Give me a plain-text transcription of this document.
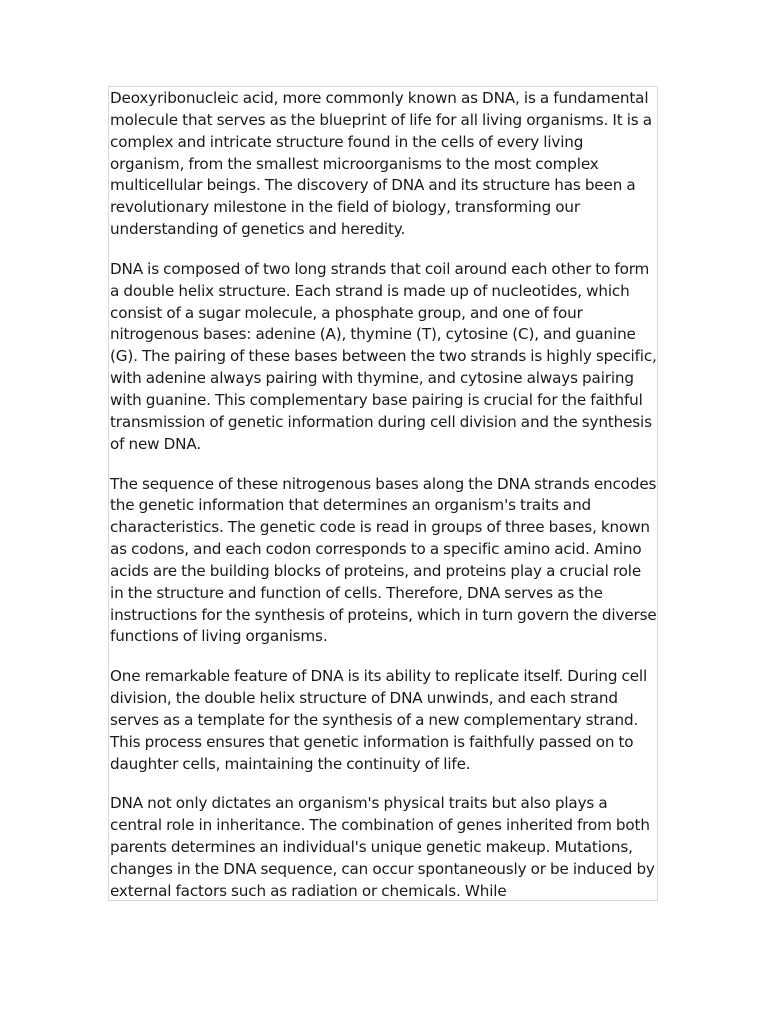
Deoxyribonucleic acid, more commonly known as DNA, is a fundamental molecule that serves as the blueprint of life for all living organisms. It is a complex and intricate structure found in the cells of every living organism, from the smallest microorganisms to the most complex multicellular beings. The discovery of DNA and its structure has been a revolutionary milestone in the field of biology, transforming our understanding of genetics and heredity.

DNA is composed of two long strands that coil around each other to form a double helix structure. Each strand is made up of nucleotides, which consist of a sugar molecule, a phosphate group, and one of four nitrogenous bases: adenine (A), thymine (T), cytosine (C), and guanine (G). The pairing of these bases between the two strands is highly specific, with adenine always pairing with thymine, and cytosine always pairing with guanine. This complementary base pairing is crucial for the faithful transmission of genetic information during cell division and the synthesis of new DNA.

The sequence of these nitrogenous bases along the DNA strands encodes the genetic information that determines an organism's traits and characteristics. The genetic code is read in groups of three bases, known as codons, and each codon corresponds to a specific amino acid. Amino acids are the building blocks of proteins, and proteins play a crucial role in the structure and function of cells. Therefore, DNA serves as the instructions for the synthesis of proteins, which in turn govern the diverse functions of living organisms.

One remarkable feature of DNA is its ability to replicate itself. During cell division, the double helix structure of DNA unwinds, and each strand serves as a template for the synthesis of a new complementary strand. This process ensures that genetic information is faithfully passed on to daughter cells, maintaining the continuity of life.

DNA not only dictates an organism's physical traits but also plays a central role in inheritance. The combination of genes inherited from both parents determines an individual's unique genetic makeup. Mutations, changes in the DNA sequence, can occur spontaneously or be induced by external factors such as radiation or chemicals. While
